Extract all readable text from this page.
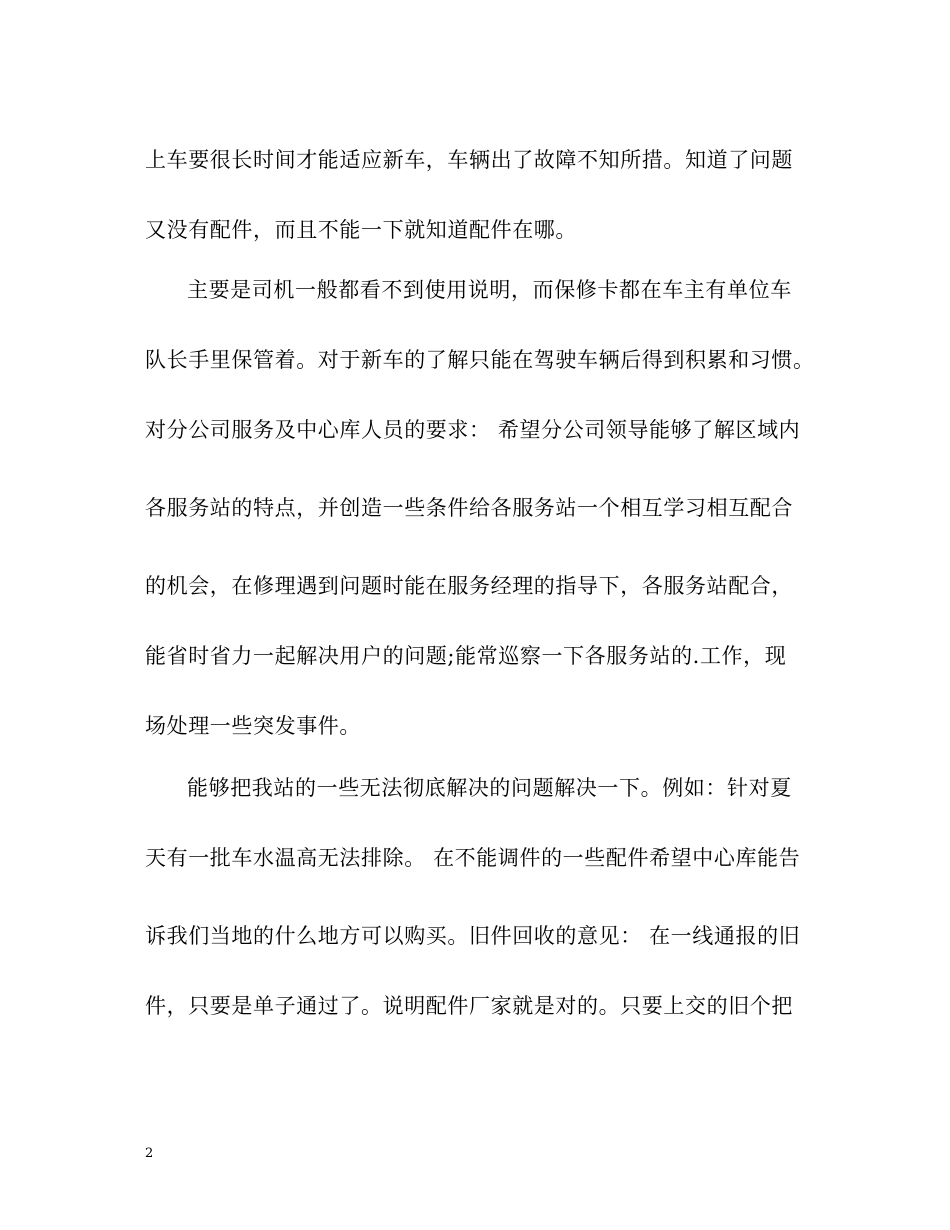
上车要很长时间才能适应新车，车辆出了故障不知所措。知道了问题
又没有配件，而且不能一下就知道配件在哪。
主要是司机一般都看不到使用说明，而保修卡都在车主有单位车
队长手里保管着。对于新车的了解只能在驾驶车辆后得到积累和习惯。
对分公司服务及中心库人员的要求： 希望分公司领导能够了解区域内
各服务站的特点，并创造一些条件给各服务站一个相互学习相互配合
的机会，在修理遇到问题时能在服务经理的指导下，各服务站配合，
能省时省力一起解决用户的问题;能常巡察一下各服务站的.工作，现
场处理一些突发事件。
能够把我站的一些无法彻底解决的问题解决一下。例如：针对夏
天有一批车水温高无法排除。 在不能调件的一些配件希望中心库能告
诉我们当地的什么地方可以购买。旧件回收的意见： 在一线通报的旧
件，只要是单子通过了。说明配件厂家就是对的。只要上交的旧个把
2
